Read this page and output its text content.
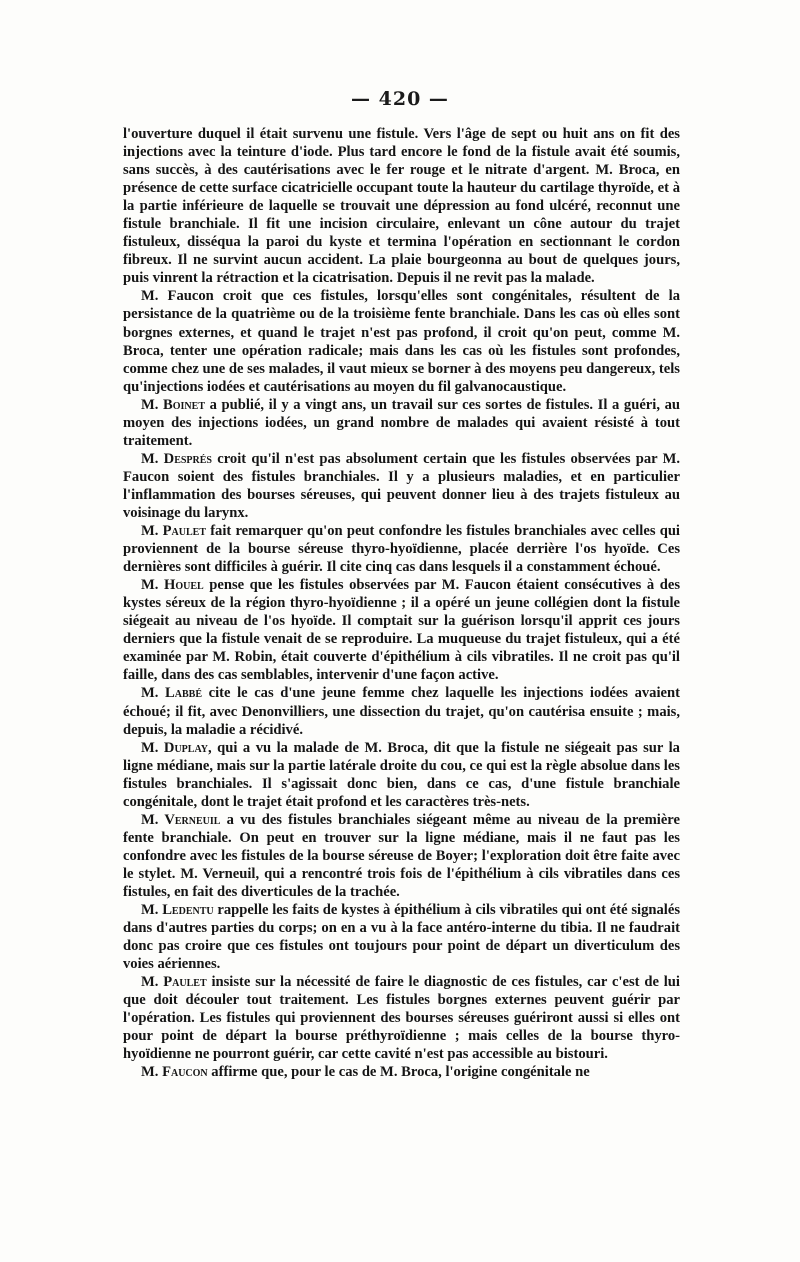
— 420 —

l'ouverture duquel il était survenu une fistule. Vers l'âge de sept ou huit ans on fit des injections avec la teinture d'iode. Plus tard encore le fond de la fistule avait été soumis, sans succès, à des cautérisations avec le fer rouge et le nitrate d'argent. M. Broca, en présence de cette surface cicatricielle occupant toute la hauteur du cartilage thyroïde, et à la partie inférieure de laquelle se trouvait une dépression au fond ulcéré, reconnut une fistule branchiale. Il fit une incision circulaire, enlevant un cône autour du trajet fistuleux, disséqua la paroi du kyste et termina l'opération en sectionnant le cordon fibreux. Il ne survint aucun accident. La plaie bourgeonna au bout de quelques jours, puis vinrent la rétraction et la cicatrisation. Depuis il ne revit pas la malade.

M. Faucon croit que ces fistules, lorsqu'elles sont congénitales, résultent de la persistance de la quatrième ou de la troisième fente branchiale. Dans les cas où elles sont borgnes externes, et quand le trajet n'est pas profond, il croit qu'on peut, comme M. Broca, tenter une opération radicale; mais dans les cas où les fistules sont profondes, comme chez une de ses malades, il vaut mieux se borner à des moyens peu dangereux, tels qu'injections iodées et cautérisations au moyen du fil galvanocaustique.

M. Boinet a publié, il y a vingt ans, un travail sur ces sortes de fistules. Il a guéri, au moyen des injections iodées, un grand nombre de malades qui avaient résisté à tout traitement.

M. Després croit qu'il n'est pas absolument certain que les fistules observées par M. Faucon soient des fistules branchiales. Il y a plusieurs maladies, et en particulier l'inflammation des bourses séreuses, qui peuvent donner lieu à des trajets fistuleux au voisinage du larynx.

M. Paulet fait remarquer qu'on peut confondre les fistules branchiales avec celles qui proviennent de la bourse séreuse thyro-hyoïdienne, placée derrière l'os hyoïde. Ces dernières sont difficiles à guérir. Il cite cinq cas dans lesquels il a constamment échoué.

M. Houel pense que les fistules observées par M. Faucon étaient consécutives à des kystes séreux de la région thyro-hyoïdienne ; il a opéré un jeune collégien dont la fistule siégeait au niveau de l'os hyoïde. Il comptait sur la guérison lorsqu'il apprit ces jours derniers que la fistule venait de se reproduire. La muqueuse du trajet fistuleux, qui a été examinée par M. Robin, était couverte d'épithélium à cils vibratiles. Il ne croit pas qu'il faille, dans des cas semblables, intervenir d'une façon active.

M. Labbé cite le cas d'une jeune femme chez laquelle les injections iodées avaient échoué; il fit, avec Denonvilliers, une dissection du trajet, qu'on cautérisa ensuite ; mais, depuis, la maladie a récidivé.

M. Duplay, qui a vu la malade de M. Broca, dit que la fistule ne siégeait pas sur la ligne médiane, mais sur la partie latérale droite du cou, ce qui est la règle absolue dans les fistules branchiales. Il s'agissait donc bien, dans ce cas, d'une fistule branchiale congénitale, dont le trajet était profond et les caractères très-nets.

M. Verneuil a vu des fistules branchiales siégeant même au niveau de la première fente branchiale. On peut en trouver sur la ligne médiane, mais il ne faut pas les confondre avec les fistules de la bourse séreuse de Boyer; l'exploration doit être faite avec le stylet. M. Verneuil, qui a rencontré trois fois de l'épithélium à cils vibratiles dans ces fistules, en fait des diverticules de la trachée.

M. Ledentu rappelle les faits de kystes à épithélium à cils vibratiles qui ont été signalés dans d'autres parties du corps; on en a vu à la face antéro-interne du tibia. Il ne faudrait donc pas croire que ces fistules ont toujours pour point de départ un diverticulum des voies aériennes.

M. Paulet insiste sur la nécessité de faire le diagnostic de ces fistules, car c'est de lui que doit découler tout traitement. Les fistules borgnes externes peuvent guérir par l'opération. Les fistules qui proviennent des bourses séreuses guériront aussi si elles ont pour point de départ la bourse préthyroïdienne ; mais celles de la bourse thyro-hyoïdienne ne pourront guérir, car cette cavité n'est pas accessible au bistouri.

M. Faucon affirme que, pour le cas de M. Broca, l'origine congénitale ne
